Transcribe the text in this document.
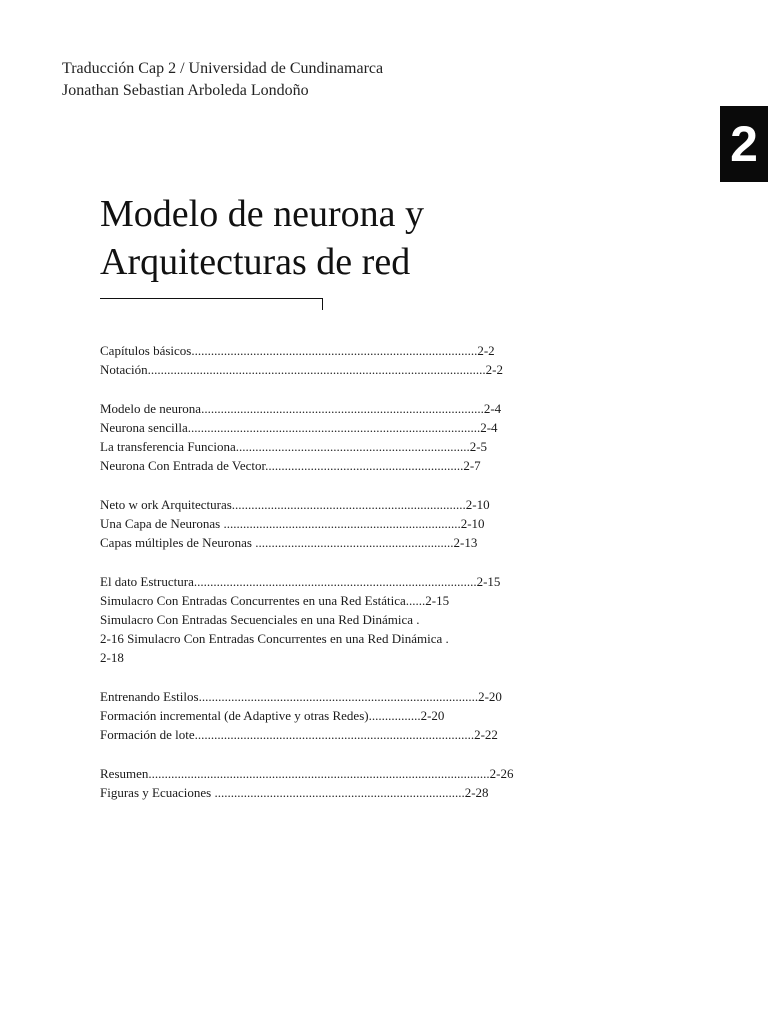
Traducción Cap 2 / Universidad de Cundinamarca
Jonathan Sebastian Arboleda Londoño
2
Modelo de neurona y
Arquitecturas de red
Capítulos básicos........................................................................................2-2
Notación........................................................................................................2-2
Modelo de neurona.......................................................................................2-4
Neurona sencilla..........................................................................................2-4
La transferencia Funciona........................................................................2-5
Neurona Con Entrada de Vector.............................................................2-7
Neto w ork Arquitecturas........................................................................2-10
Una Capa de Neuronas .........................................................................2-10
Capas múltiples de Neuronas .............................................................2-13
El dato Estructura.......................................................................................2-15
Simulacro Con Entradas Concurrentes en una Red Estática......2-15
Simulacro Con Entradas Secuenciales en una Red Dinámica .
2-16 Simulacro Con Entradas Concurrentes en una Red Dinámica .
2-18
Entrenando Estilos......................................................................................2-20
Formación incremental (de Adaptive y otras Redes)................2-20
Formación de lote......................................................................................2-22
Resumen.........................................................................................................2-26
Figuras y Ecuaciones .............................................................................2-28
